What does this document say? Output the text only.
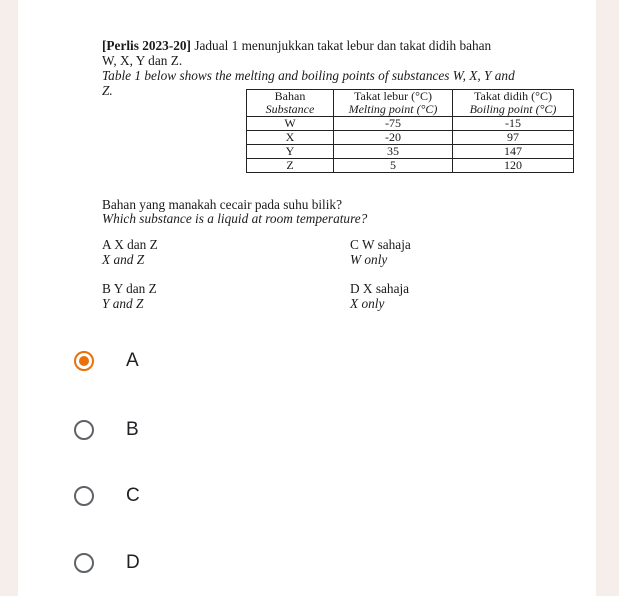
[Perlis 2023-20] Jadual 1 menunjukkan takat lebur dan takat didih bahan
W, X, Y dan Z.
Table 1 below shows the melting and boiling points of substances W, X, Y and
Z.	Bahan	Takat lebur (°C)	Takat didih (°C)
Substance	Melting point (°C)	Boiling point (°C)
W	-75	-15
X	-20	97
Y	35	147
Z	5	120
Bahan yang manakah cecair pada suhu bilik?
Which substance is a liquid at room temperature?
A X dan Z
X and Z
C W sahaja
W only
B Y dan Z
Y and Z
D X sahaja
X only
A
B
C
D
